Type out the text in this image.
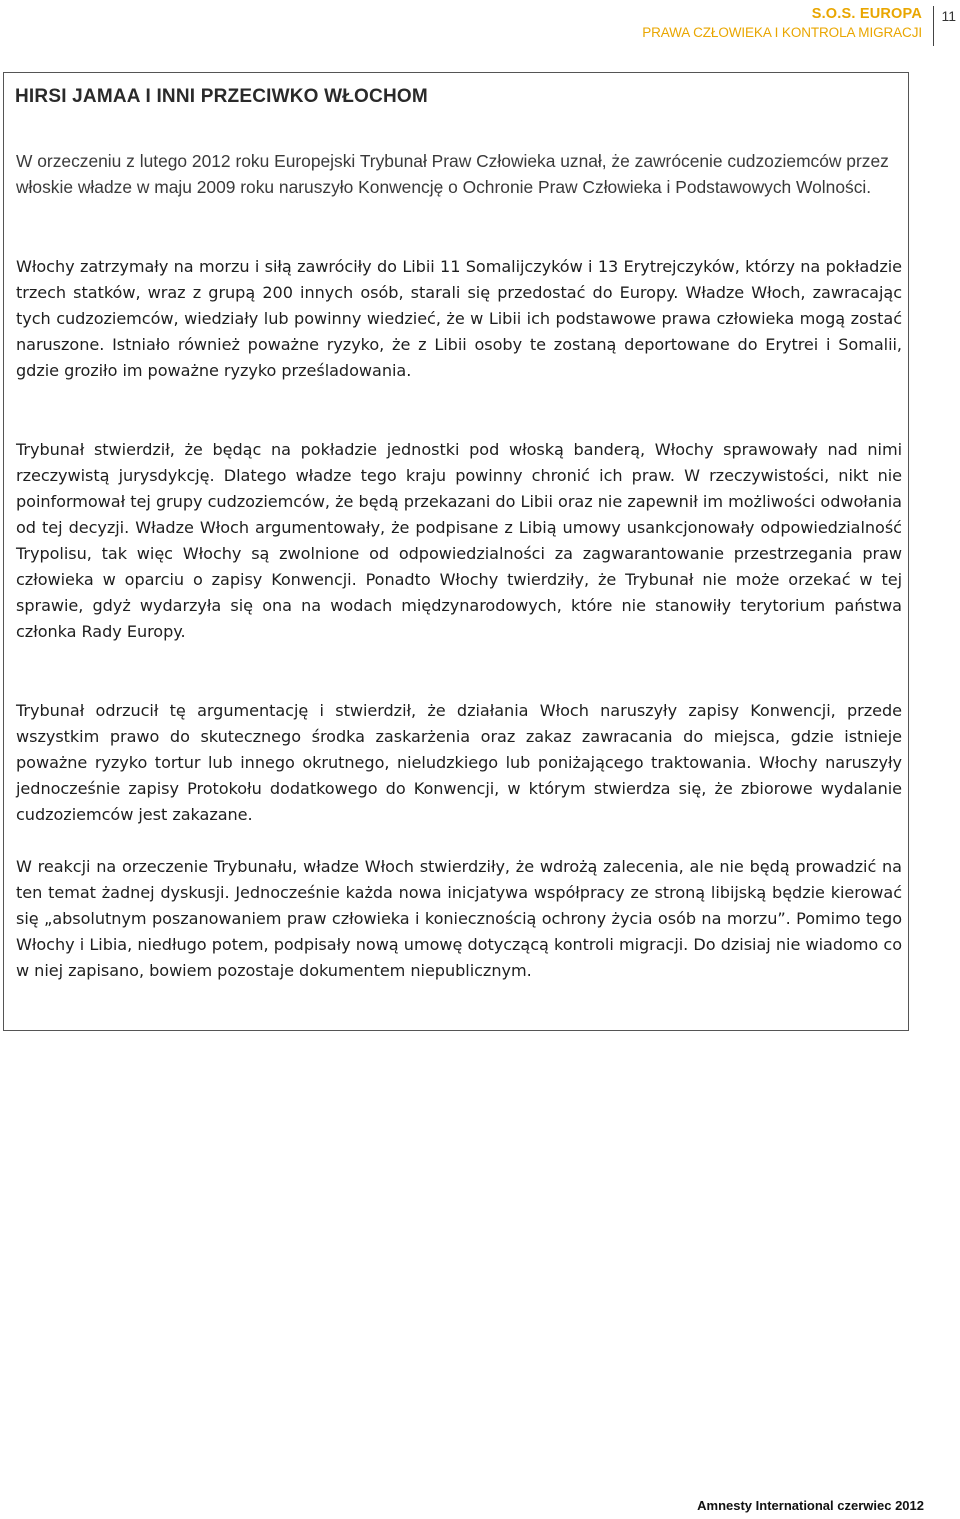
S.O.S. EUROPA
PRAWA CZŁOWIEKA I KONTROLA MIGRACJI
11
HIRSI JAMAA I INNI PRZECIWKO WŁOCHOM

W orzeczeniu z lutego 2012 roku Europejski Trybunał Praw Człowieka uznał, że zawrócenie cudzoziemców przez włoskie władze w maju 2009 roku naruszyło Konwencję o Ochronie Praw Człowieka i Podstawowych Wolności.

Włochy zatrzymały na morzu i siłą zawróciły do Libii 11 Somalijczyków i 13 Erytrejczyków, którzy na pokładzie trzech statków, wraz z grupą 200 innych osób, starali się przedostać do Europy. Władze Włoch, zawracając tych cudzoziemców, wiedziały lub powinny wiedzieć, że w Libii ich podstawowe prawa człowieka mogą zostać naruszone. Istniało również poważne ryzyko, że z Libii osoby te zostaną deportowane do Erytrei i Somalii, gdzie groziło im poważne ryzyko prześladowania.

Trybunał stwierdził, że będąc na pokładzie jednostki pod włoską banderą, Włochy sprawowały nad nimi rzeczywistą jurysdykcję. Dlatego władze tego kraju powinny chronić ich praw. W rzeczywistości, nikt nie poinformował tej grupy cudzoziemców, że będą przekazani do Libii oraz nie zapewnił im możliwości odwołania od tej decyzji. Władze Włoch argumentowały, że podpisane z Libią umowy usankcjonowały odpowiedzialność Trypolisu, tak więc Włochy są zwolnione od odpowiedzialności za zagwarantowanie przestrzegania praw człowieka w oparciu o zapisy Konwencji. Ponadto Włochy twierdziły, że Trybunał nie może orzekać w tej sprawie, gdyż wydarzyła się ona na wodach międzynarodowych, które nie stanowiły terytorium państwa członka Rady Europy.

Trybunał odrzucił tę argumentację i stwierdził, że działania Włoch naruszyły zapisy Konwencji, przede wszystkim prawo do skutecznego środka zaskarżenia oraz zakaz zawracania do miejsca, gdzie istnieje poważne ryzyko tortur lub innego okrutnego, nieludzkiego lub poniżającego traktowania. Włochy naruszyły jednocześnie zapisy Protokołu dodatkowego do Konwencji, w którym stwierdza się, że zbiorowe wydalanie cudzoziemców jest zakazane.

W reakcji na orzeczenie Trybunału, władze Włoch stwierdziły, że wdrożą zalecenia, ale nie będą prowadzić na ten temat żadnej dyskusji. Jednocześnie każda nowa inicjatywa współpracy ze stroną libijską będzie kierować się „absolutnym poszanowaniem praw człowieka i koniecznością ochrony życia osób na morzu”. Pomimo tego Włochy i Libia, niedługo potem, podpisały nową umowę dotyczącą kontroli migracji. Do dzisiaj nie wiadomo co w niej zapisano, bowiem pozostaje dokumentem niepublicznym.

Amnesty International czerwiec 2012
